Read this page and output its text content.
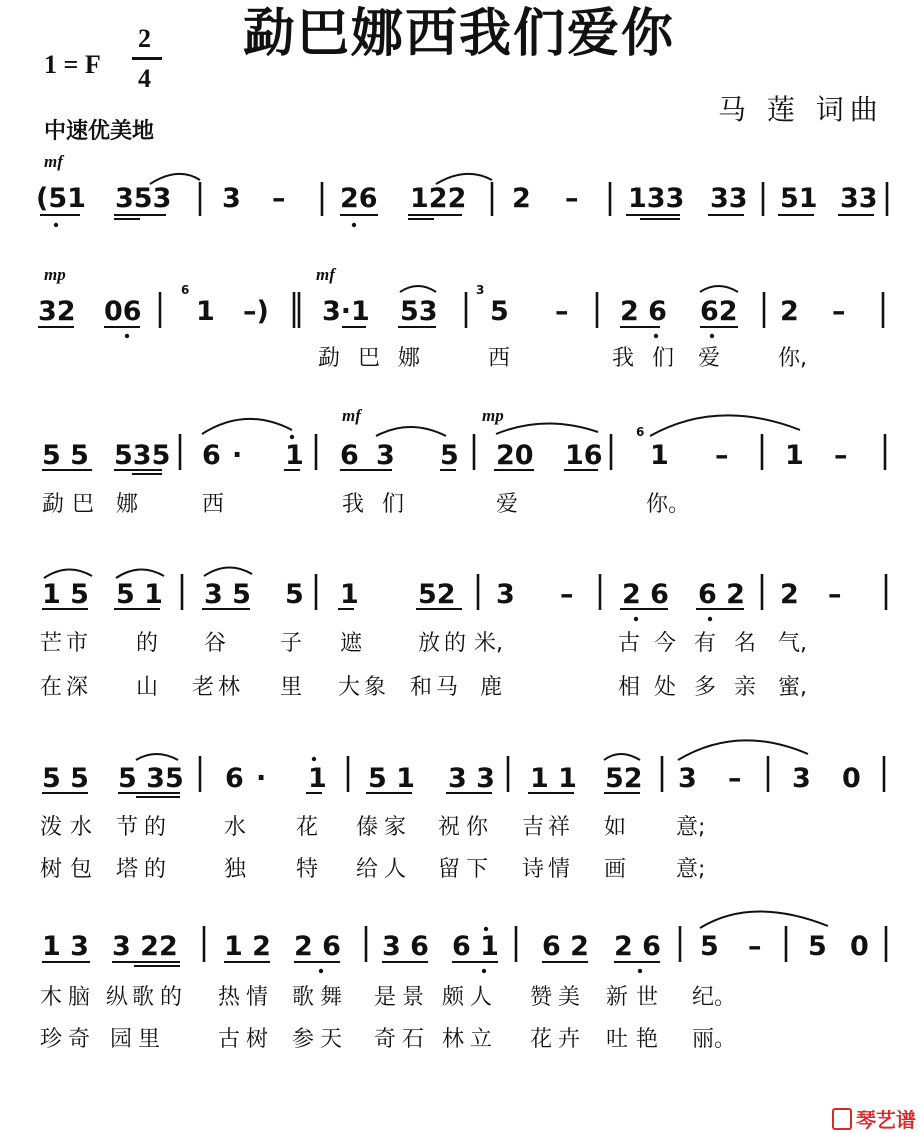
勐巴娜西我们爱你
1 = F
2
4
中速优美地
马 莲 词曲
mf
mp	mf
mf	mp
(51 353 3 – 26 122 2 – 133 33 51 33
32 06
6
1 –) 3·1 53
3
5 – 2 6 62 2 –
勐 巴 娜	西	我 们 爱	你,
5 5 535 6 · 1 6 3 5 20 16
6
1 – 1 –
勐 巴 娜	西	我 们	爱	你。
1 5 5 1 3 5 5 1 52 3 – 2 6 6 2 2 –
芒 市 的 谷 子 遮	放 的 米,	古 今 有 名 气,
在 深 山 老 林 里 大 象 和 马 鹿	相 处 多 亲 蜜,
5 5 5 35 6 · 1 5 1 3 3 1 1 52 3 – 3 0
泼 水 节 的	水 花 傣 家 祝 你 吉 祥 如 意;
树 包 塔 的	独 特 给 人 留 下 诗 情 画 意;
1 3 3 22 1 2 2 6 3 6 6 1 6 2 2 6 5 – 5 0
木 脑 纵 歌 的 热 情 歌 舞 是 景 颇 人 赞 美 新 世 纪。
珍 奇 园 里	古 树 参 天 奇 石 林 立 花 卉 吐 艳 丽。

琴艺谱
